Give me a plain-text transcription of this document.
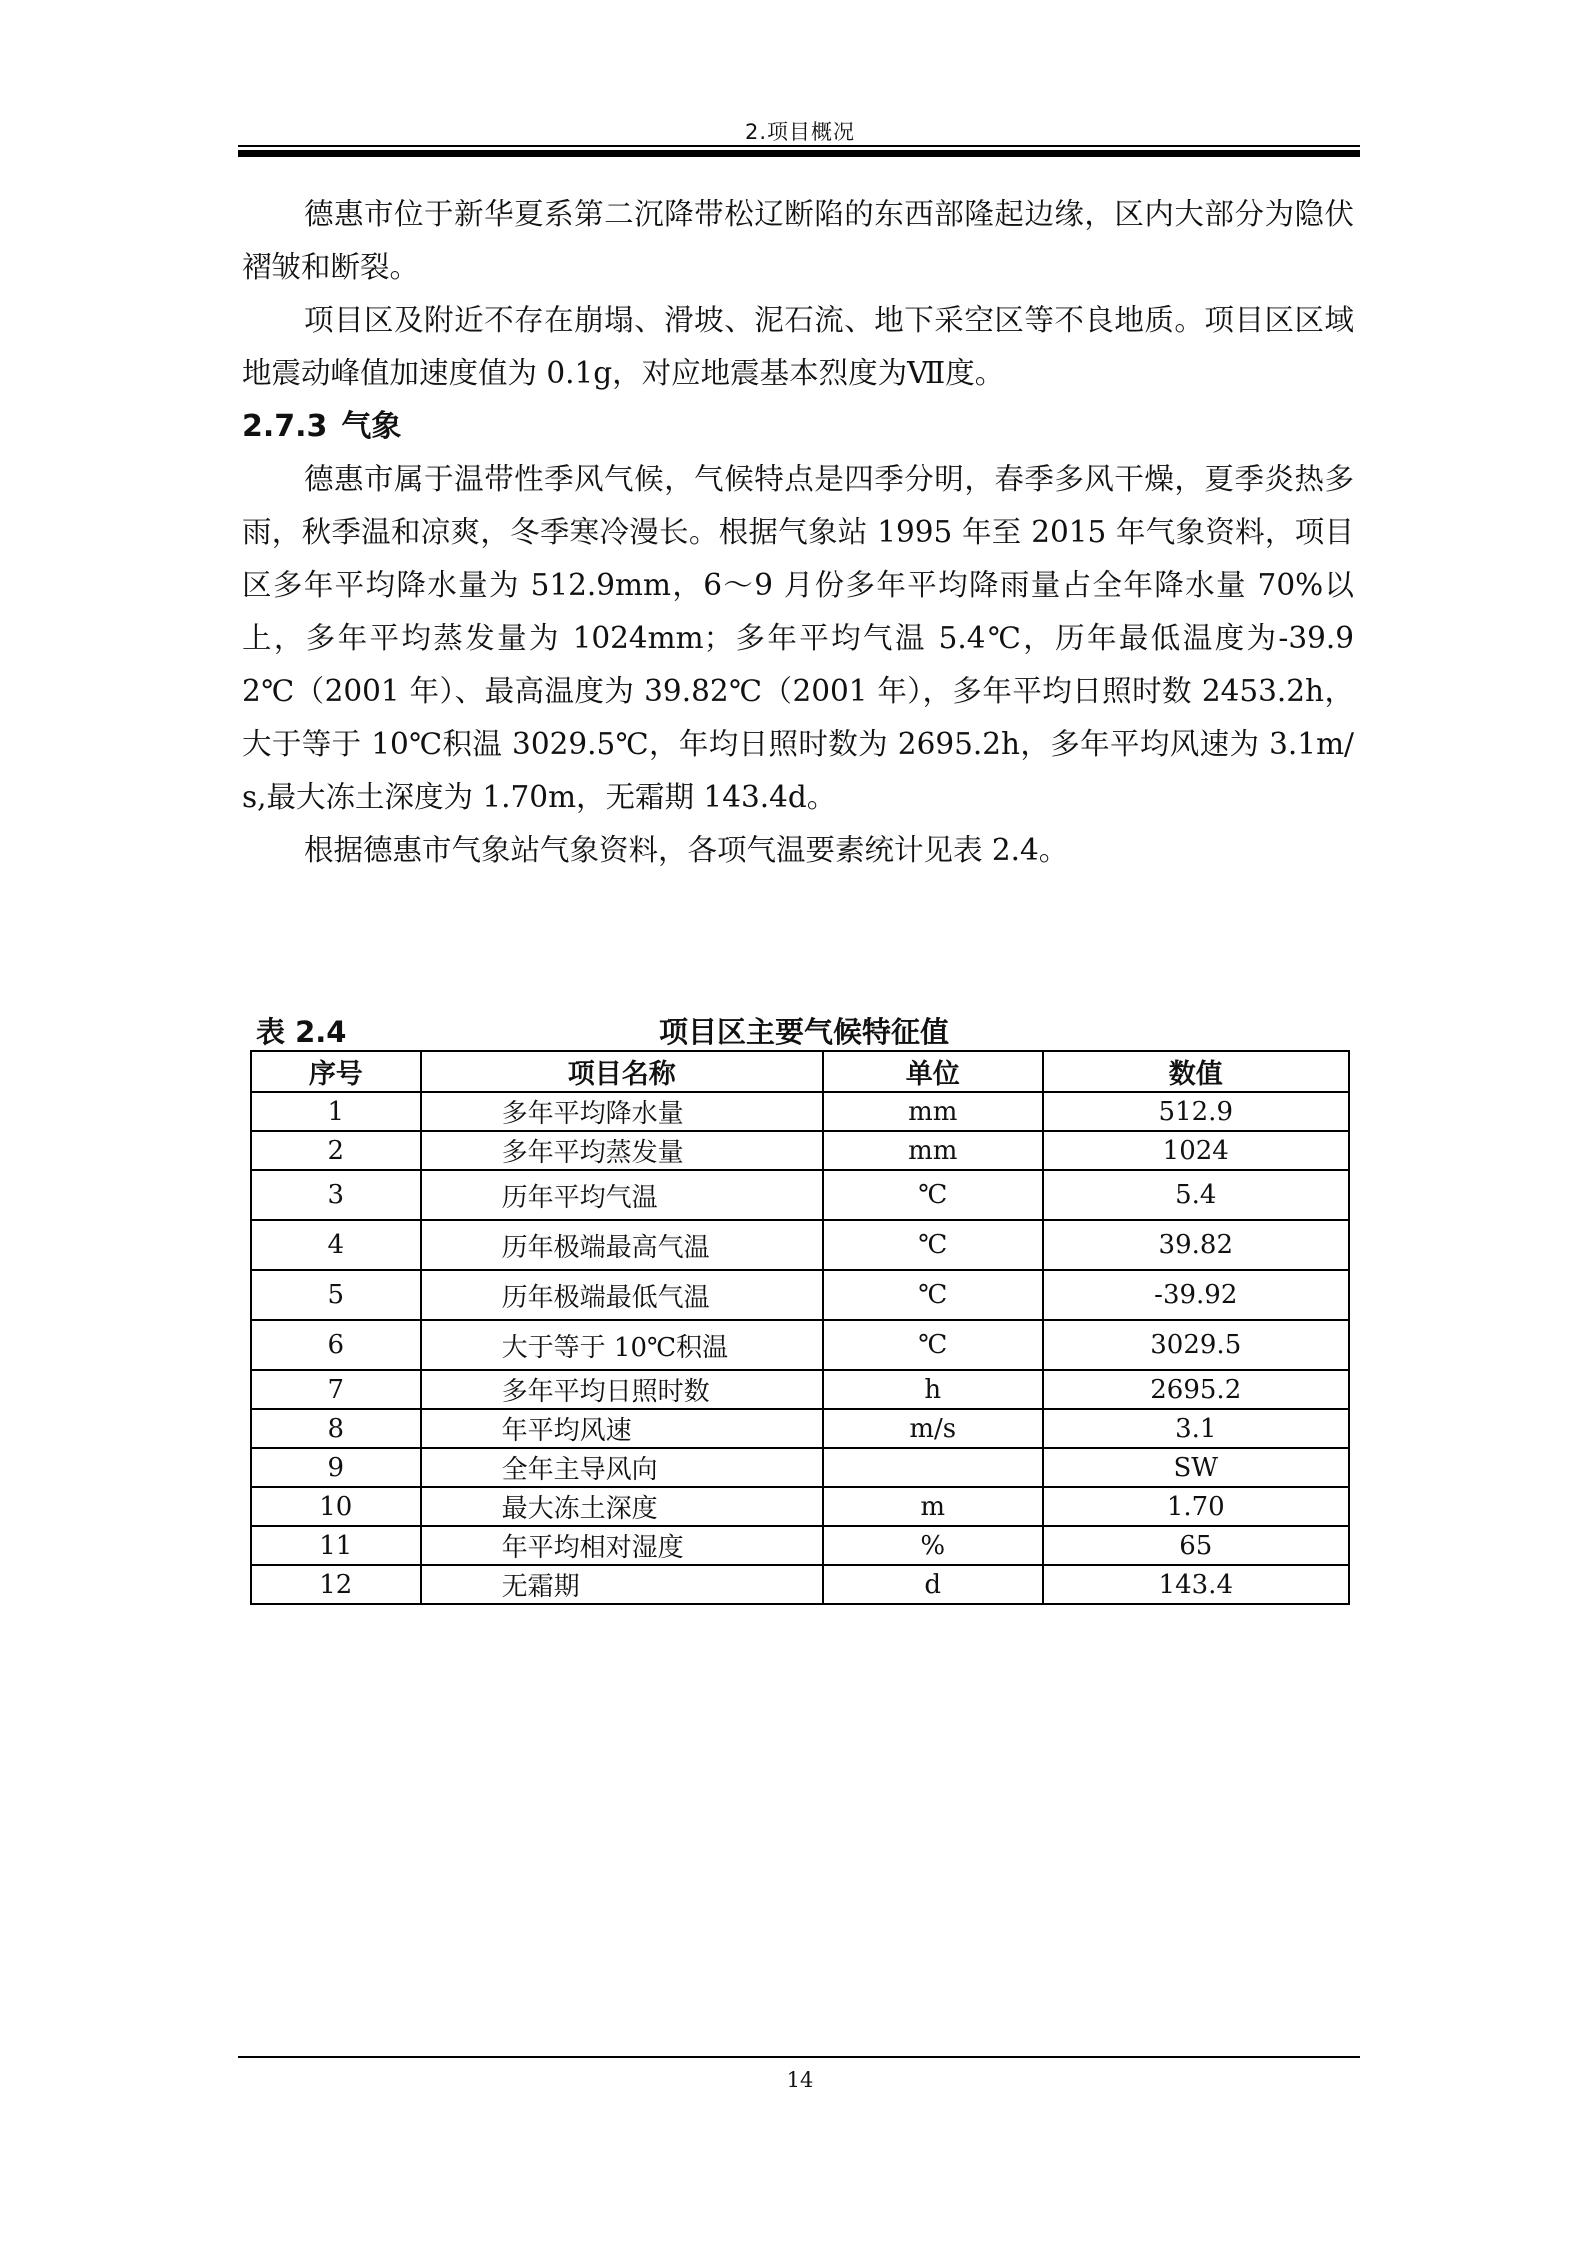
2.项目概况

德惠市位于新华夏系第二沉降带松辽断陷的东西部隆起边缘，区内大部分为隐伏褶皱和断裂。

项目区及附近不存在崩塌、滑坡、泥石流、地下采空区等不良地质。项目区区域地震动峰值加速度值为 0.1g，对应地震基本烈度为Ⅶ度。

2.7.3 气象

德惠市属于温带性季风气候，气候特点是四季分明，春季多风干燥，夏季炎热多雨，秋季温和凉爽，冬季寒冷漫长。根据气象站 1995 年至 2015 年气象资料，项目区多年平均降水量为 512.9mm，6～9 月份多年平均降雨量占全年降水量 70%以上，多年平均蒸发量为 1024mm；多年平均气温 5.4℃，历年最低温度为-39.92℃（2001 年）、最高温度为 39.82℃（2001 年），多年平均日照时数 2453.2h，大于等于 10℃积温 3029.5℃，年均日照时数为 2695.2h，多年平均风速为 3.1m/s,最大冻土深度为 1.70m，无霜期 143.4d。

根据德惠市气象站气象资料，各项气温要素统计见表 2.4。

项目区主要气候特征值
表 2.4
序号	项目名称	单位	数值
1	多年平均降水量	mm	512.9
2	多年平均蒸发量	mm	1024
3	历年平均气温	℃	5.4
4	历年极端最高气温	℃	39.82
5	历年极端最低气温	℃	-39.92
6	大于等于 10℃积温	℃	3029.5
7	多年平均日照时数	h	2695.2
8	年平均风速	m/s	3.1
9	全年主导风向		SW
10	最大冻土深度	m	1.70
11	年平均相对湿度	%	65
12	无霜期	d	143.4
14
